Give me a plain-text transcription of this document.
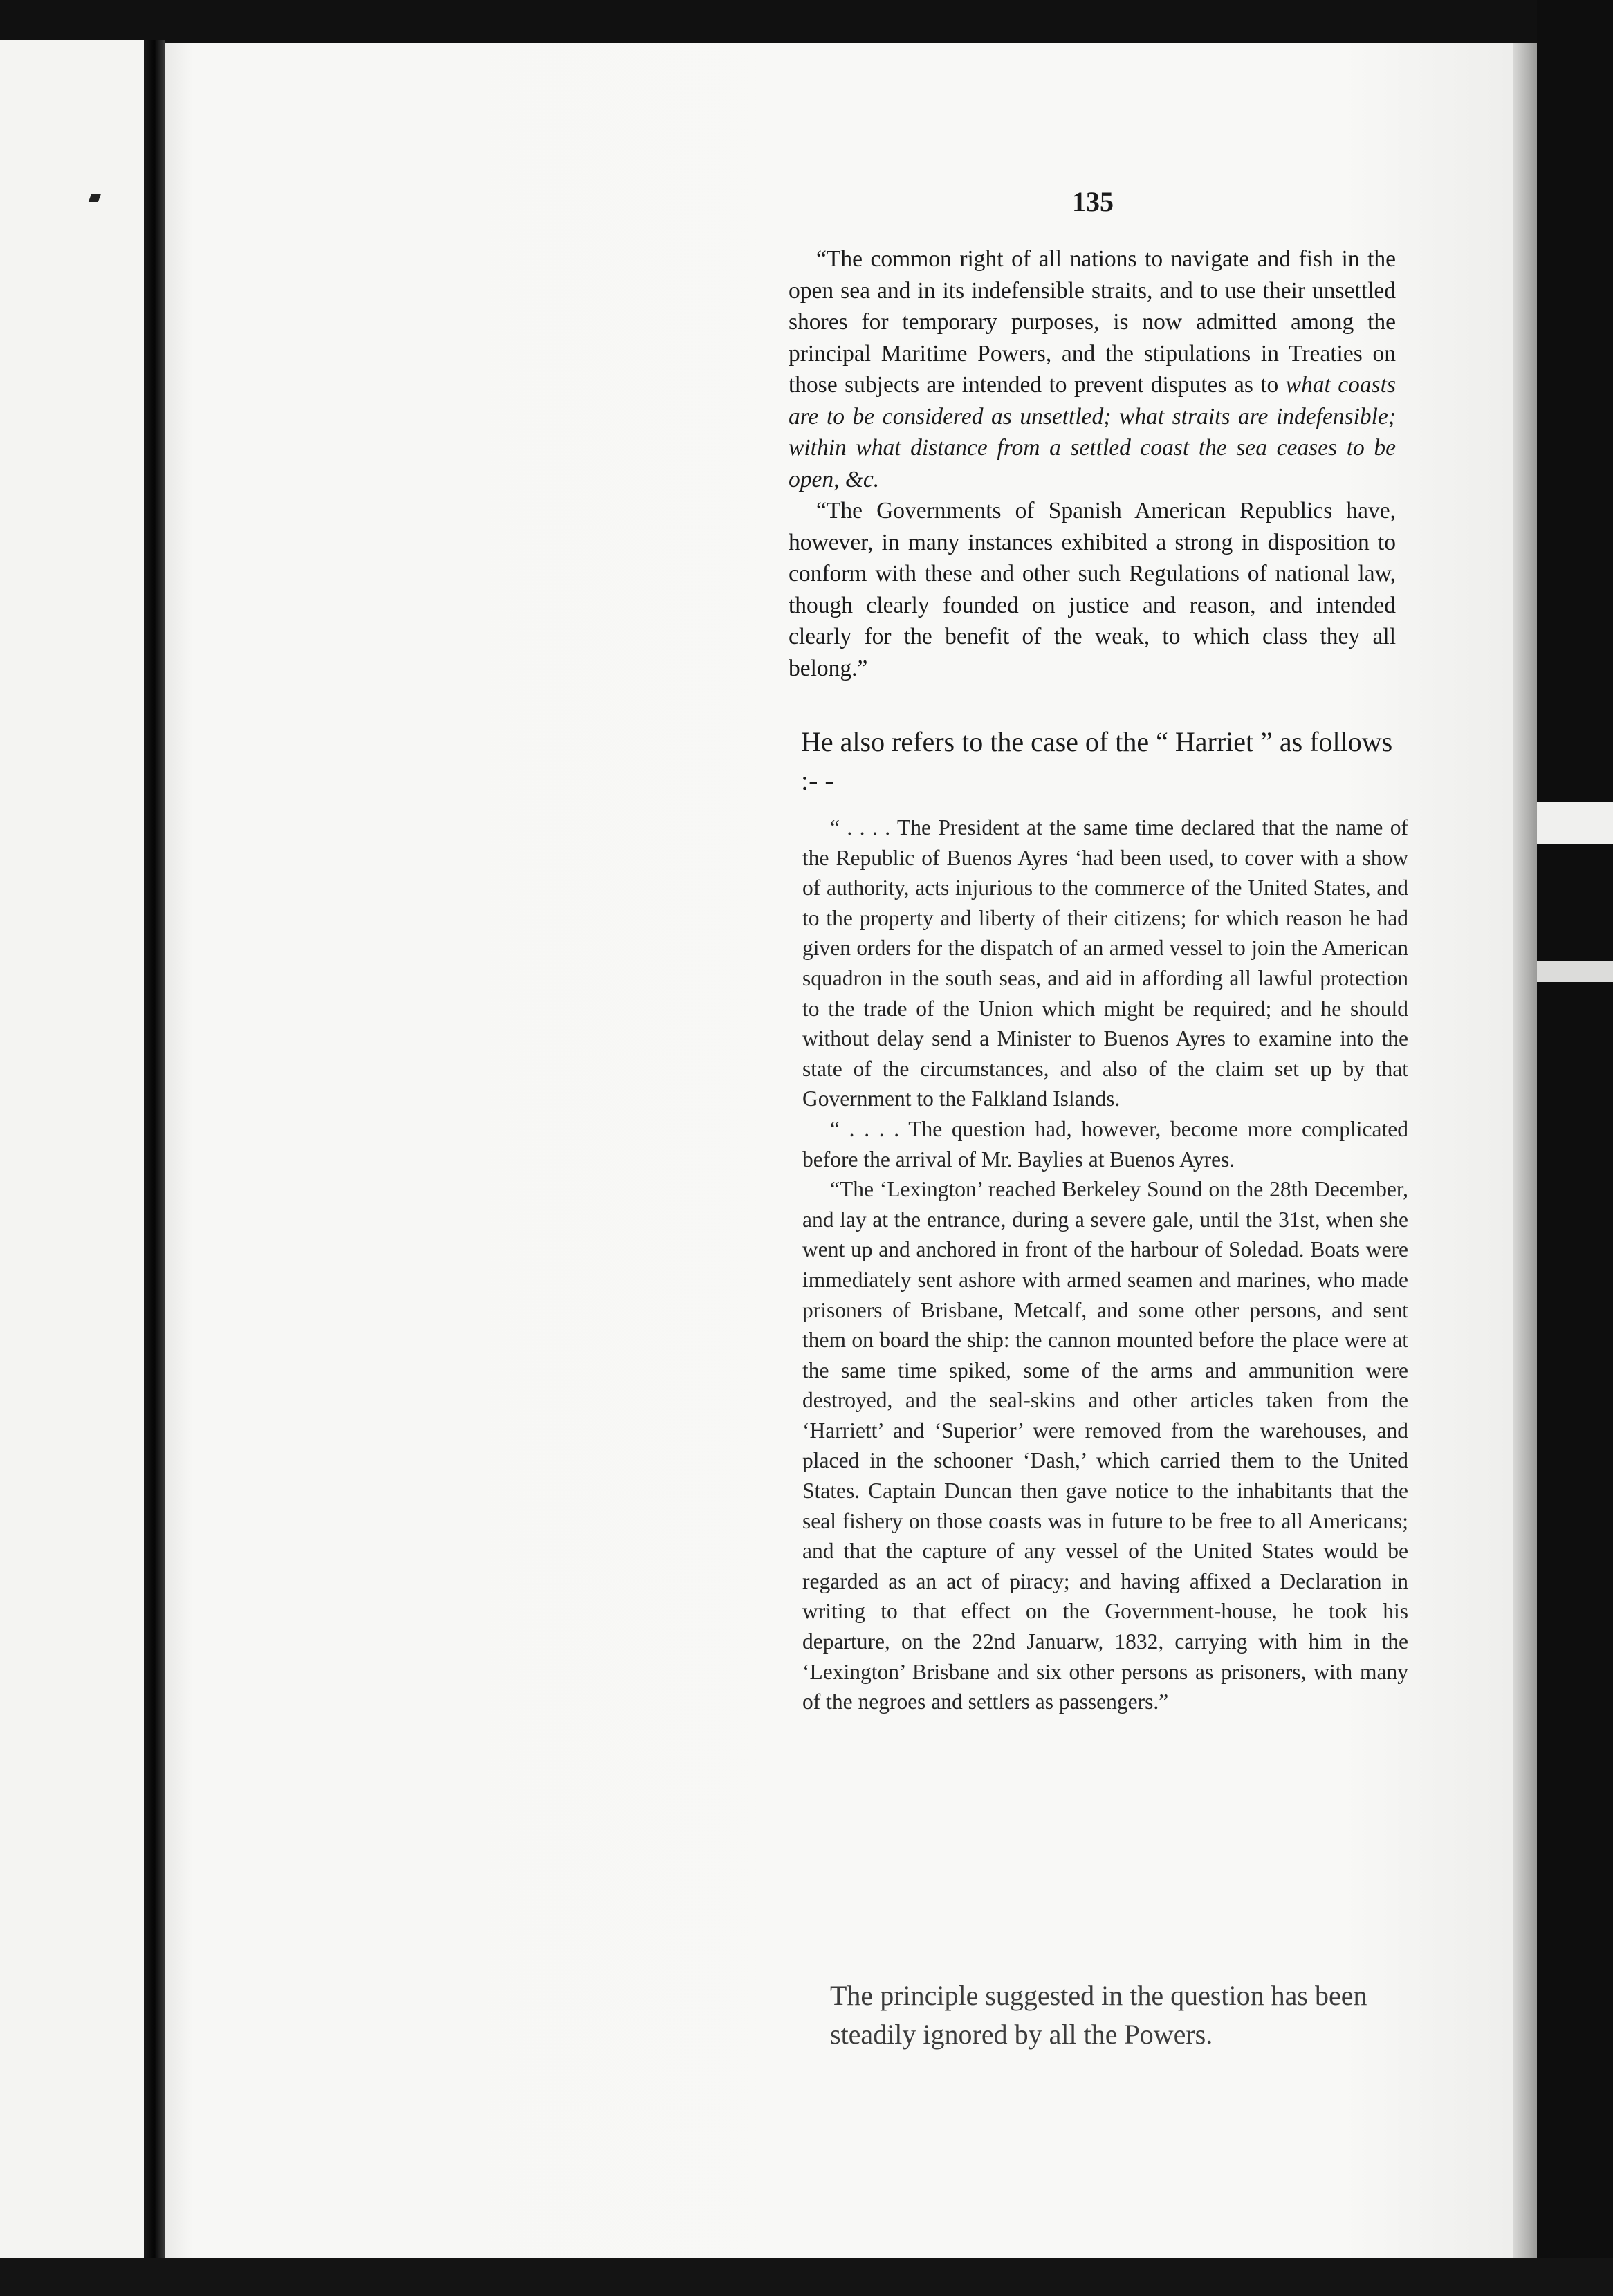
135

“The common right of all nations to navigate and fish in the open sea and in its indefensible straits, and to use their unsettled shores for temporary purposes, is now admitted among the principal Maritime Powers, and the stipulations in Treaties on those subjects are intended to prevent disputes as to what coasts are to be considered as unsettled; what straits are indefensible; within what distance from a settled coast the sea ceases to be open, &c.

“The Governments of Spanish American Republics have, however, in many instances exhibited a strong in disposition to conform with these and other such Regulations of national law, though clearly founded on justice and reason, and intended clearly for the benefit of the weak, to which class they all belong.”

He also refers to the case of the “ Harriet ” as follows :- -

“ . . . . The President at the same time declared that the name of the Republic of Buenos Ayres ‘had been used, to cover with a show of authority, acts injurious to the commerce of the United States, and to the property and liberty of their citizens; for which reason he had given orders for the dispatch of an armed vessel to join the American squadron in the south seas, and aid in affording all lawful protection to the trade of the Union which might be required; and he should without delay send a Minister to Buenos Ayres to examine into the state of the circumstances, and also of the claim set up by that Government to the Falkland Islands.

“ . . . . The question had, however, become more complicated before the arrival of Mr. Baylies at Buenos Ayres.

“The ‘Lexington’ reached Berkeley Sound on the 28th December, and lay at the entrance, during a severe gale, until the 31st, when she went up and anchored in front of the harbour of Soledad. Boats were immediately sent ashore with armed seamen and marines, who made prisoners of Brisbane, Metcalf, and some other persons, and sent them on board the ship: the cannon mounted before the place were at the same time spiked, some of the arms and ammunition were destroyed, and the seal-skins and other articles taken from the ‘Harriett’ and ‘Superior’ were removed from the warehouses, and placed in the schooner ‘Dash,’ which carried them to the United States. Captain Duncan then gave notice to the inhabitants that the seal fishery on those coasts was in future to be free to all Americans; and that the capture of any vessel of the United States would be regarded as an act of piracy; and having affixed a Declaration in writing to that effect on the Government-house, he took his departure, on the 22nd Januarw, 1832, carrying with him in the ‘Lexington’ Brisbane and six other persons as prisoners, with many of the negroes and settlers as passengers.”

The principle suggested in the question has been steadily ignored by all the Powers.
